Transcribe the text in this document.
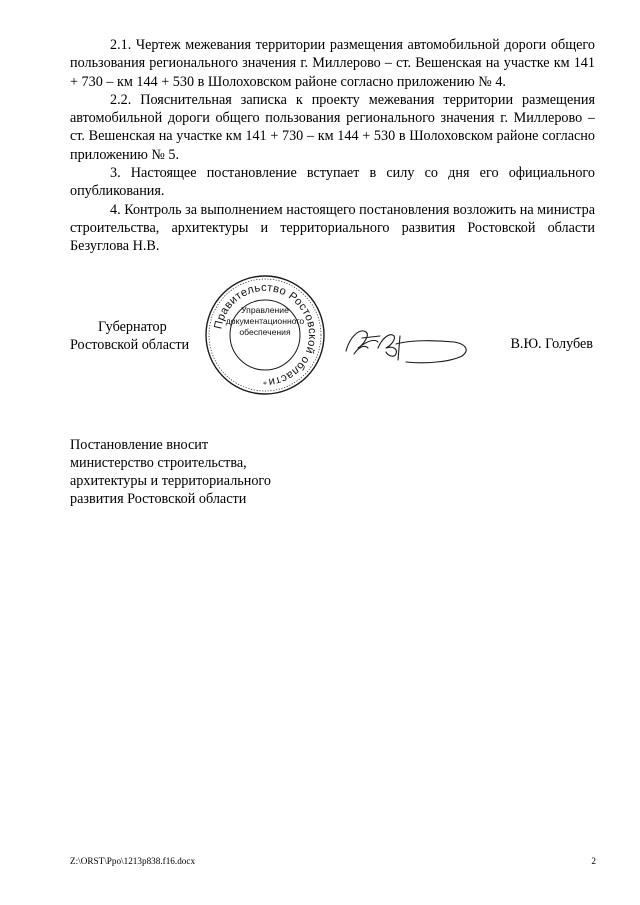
2.1. Чертеж межевания территории размещения автомобильной дороги общего пользования регионального значения г. Миллерово – ст. Вешенская на участке км 141 + 730 – км 144 + 530 в Шолоховском районе согласно приложению № 4.

2.2. Пояснительная записка к проекту межевания территории размещения автомобильной дороги общего пользования регионального значения г. Миллерово – ст. Вешенская на участке км 141 + 730 – км 144 + 530 в Шолоховском районе согласно приложению № 5.

3. Настоящее постановление вступает в силу со дня его официального опубликования.

4. Контроль за выполнением настоящего постановления возложить на министра строительства, архитектуры и территориального развития Ростовской области Безуглова Н.В.

Губернатор
Ростовской области	В.Ю. Голубев
Правительство Ростовской области
*
Управление
документационного
обеспечения
Постановление вносит
министерство строительства,
архитектуры и территориального
развития Ростовской области
Z:\ORST\Ppo\1213p838.f16.docx	2
